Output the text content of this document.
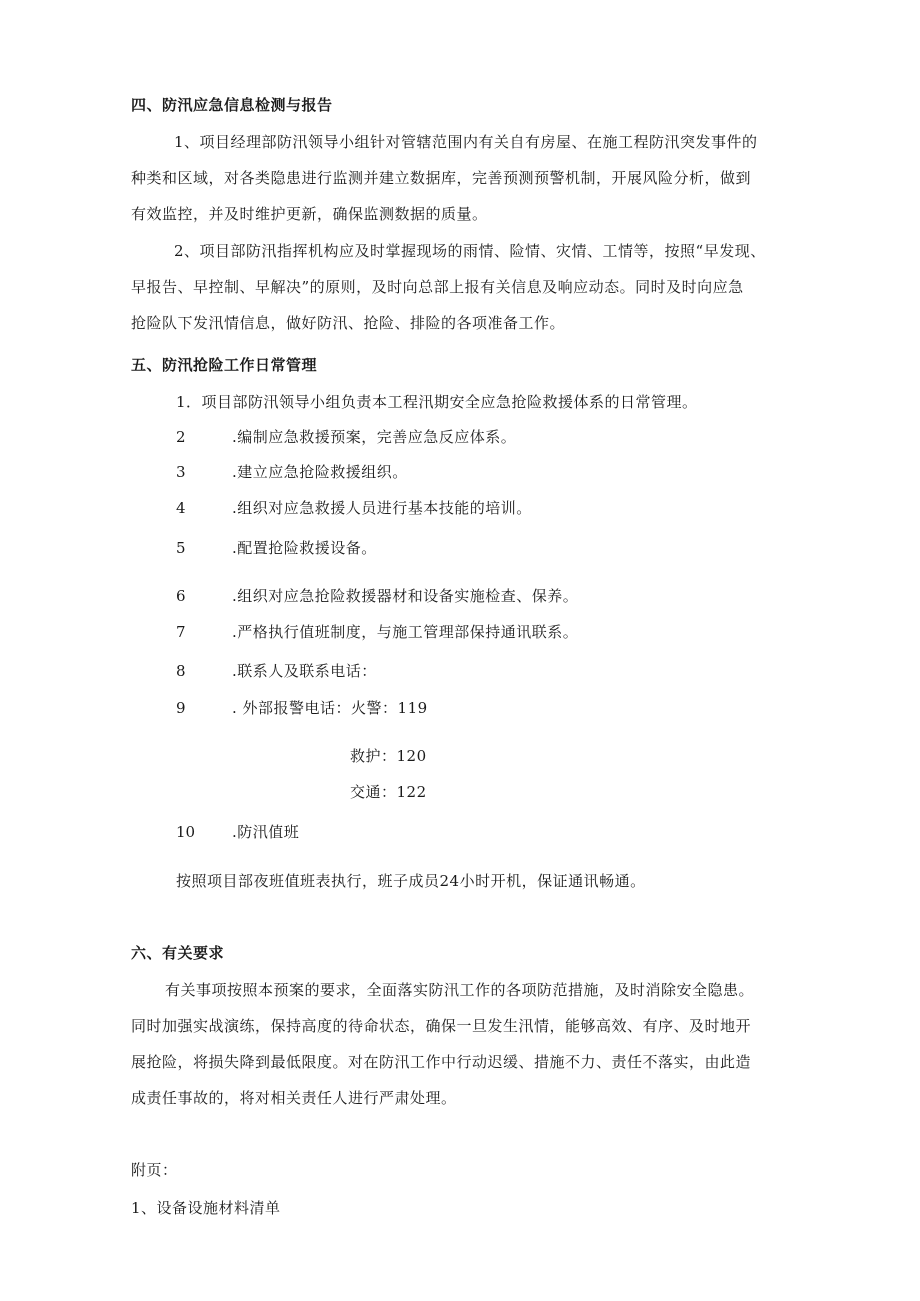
四、防汛应急信息检测与报告
1、项目经理部防汛领导小组针对管辖范围内有关自有房屋、在施工程防汛突发事件的
种类和区域，对各类隐患进行监测并建立数据库，完善预测预警机制，开展风险分析，做到
有效监控，并及时维护更新，确保监测数据的质量。
2、项目部防汛指挥机构应及时掌握现场的雨情、险情、灾情、工情等，按照“早发现、
早报告、早控制、早解决”的原则，及时向总部上报有关信息及响应动态。同时及时向应急
抢险队下发汛情信息，做好防汛、抢险、排险的各项准备工作。
五、防汛抢险工作日常管理
1．项目部防汛领导小组负责本工程汛期安全应急抢险救援体系的日常管理。
2	.编制应急救援预案，完善应急反应体系。
3	.建立应急抢险救援组织。
4	.组织对应急救援人员进行基本技能的培训。
5	.配置抢险救援设备。
6	.组织对应急抢险救援器材和设备实施检查、保养。
7	.严格执行值班制度，与施工管理部保持通讯联系。
8	.联系人及联系电话：
9	. 外部报警电话：火警：119
救护：120
交通：122
10 .防汛值班
按照项目部夜班值班表执行，班子成员24小时开机，保证通讯畅通。
六、有关要求
有关事项按照本预案的要求，全面落实防汛工作的各项防范措施，及时消除安全隐患。
同时加强实战演练，保持高度的待命状态，确保一旦发生汛情，能够高效、有序、及时地开
展抢险，将损失降到最低限度。对在防汛工作中行动迟缓、措施不力、责任不落实，由此造
成责任事故的，将对相关责任人进行严肃处理。
附页：
1、设备设施材料清单
